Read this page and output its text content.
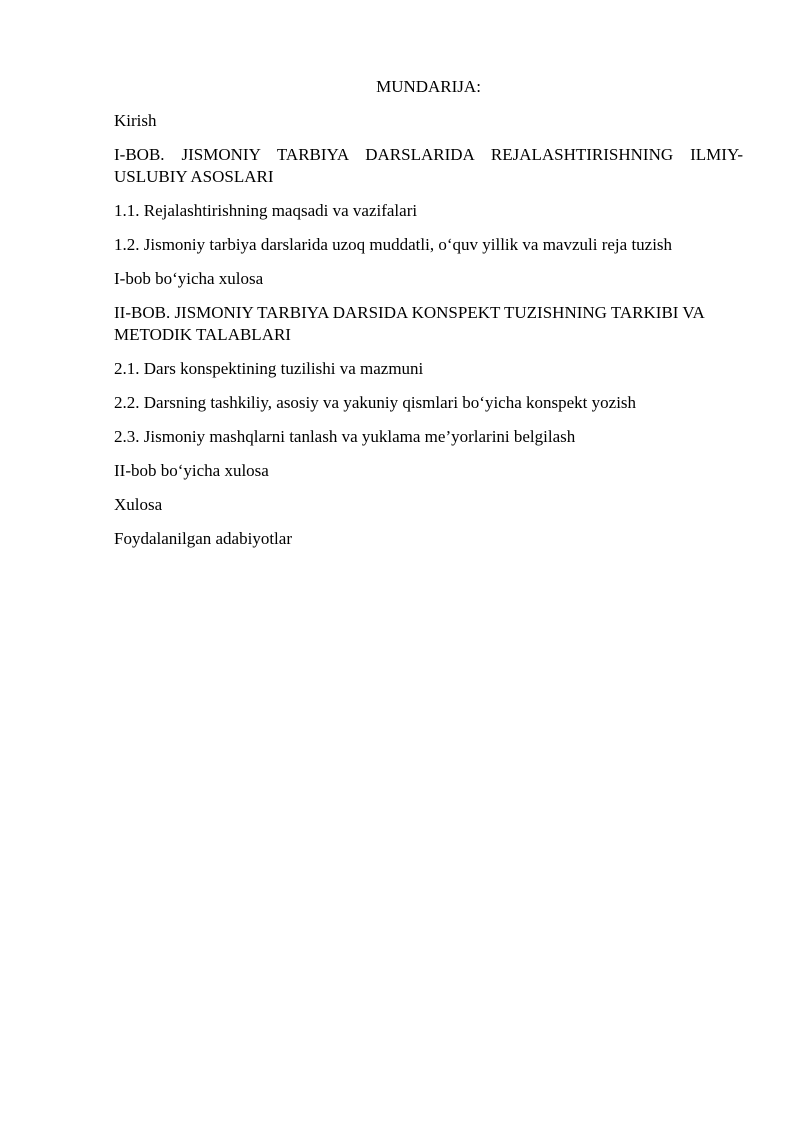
MUNDARIJA:
Kirish
I-BOB. JISMONIY TARBIYA DARSLARIDA REJALASHTIRISHNING ILMIY-USLUBIY ASOSLARI
1.1. Rejalashtirishning maqsadi va vazifalari
1.2. Jismoniy tarbiya darslarida uzoq muddatli, o‘quv yillik va mavzuli reja tuzish
I-bob bo‘yicha xulosa
II-BOB. JISMONIY TARBIYA DARSIDA KONSPEKT TUZISHNING TARKIBI VA METODIK TALABLARI
2.1. Dars konspektining tuzilishi va mazmuni
2.2. Darsning tashkiliy, asosiy va yakuniy qismlari bo‘yicha konspekt yozish
2.3. Jismoniy mashqlarni tanlash va yuklama me’yorlarini belgilash
II-bob bo‘yicha xulosa
Xulosa
Foydalanilgan adabiyotlar
